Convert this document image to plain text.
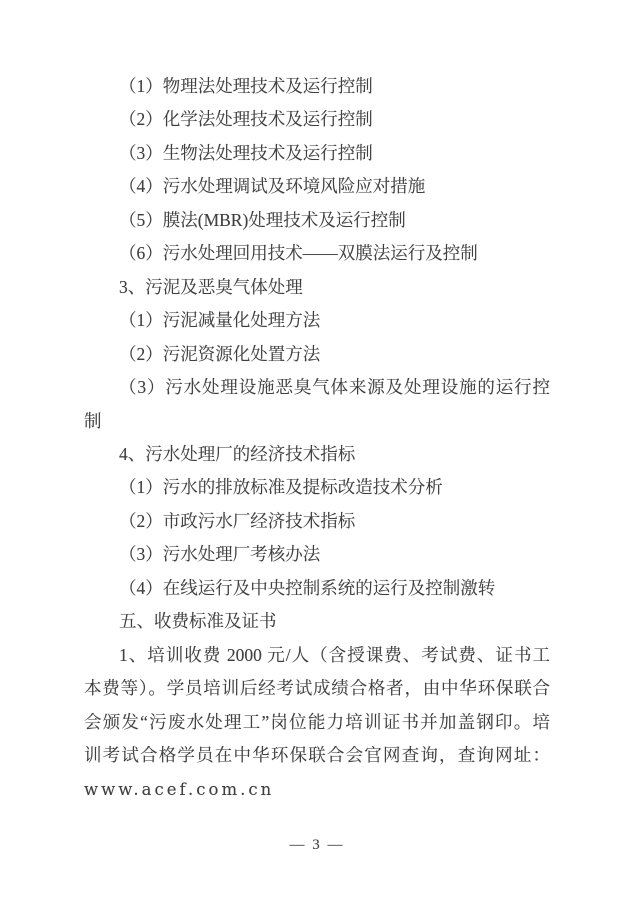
（1）物理法处理技术及运行控制
（2）化学法处理技术及运行控制
（3）生物法处理技术及运行控制
（4）污水处理调试及环境风险应对措施
（5）膜法(MBR)处理技术及运行控制
（6）污水处理回用技术——双膜法运行及控制
3、污泥及恶臭气体处理
（1）污泥减量化处理方法
（2）污泥资源化处置方法
（3）污水处理设施恶臭气体来源及处理设施的运行控
制
4、污水处理厂的经济技术指标
（1）污水的排放标准及提标改造技术分析
（2）市政污水厂经济技术指标
（3）污水处理厂考核办法
（4）在线运行及中央控制系统的运行及控制激转
五、收费标准及证书
1、培训收费 2000 元/人（含授课费、考试费、证书工
本费等）。学员培训后经考试成绩合格者，由中华环保联合
会颁发“污废水处理工”岗位能力培训证书并加盖钢印。培
训考试合格学员在中华环保联合会官网查询，查询网址：
www.acef.com.cn
— 3 —
